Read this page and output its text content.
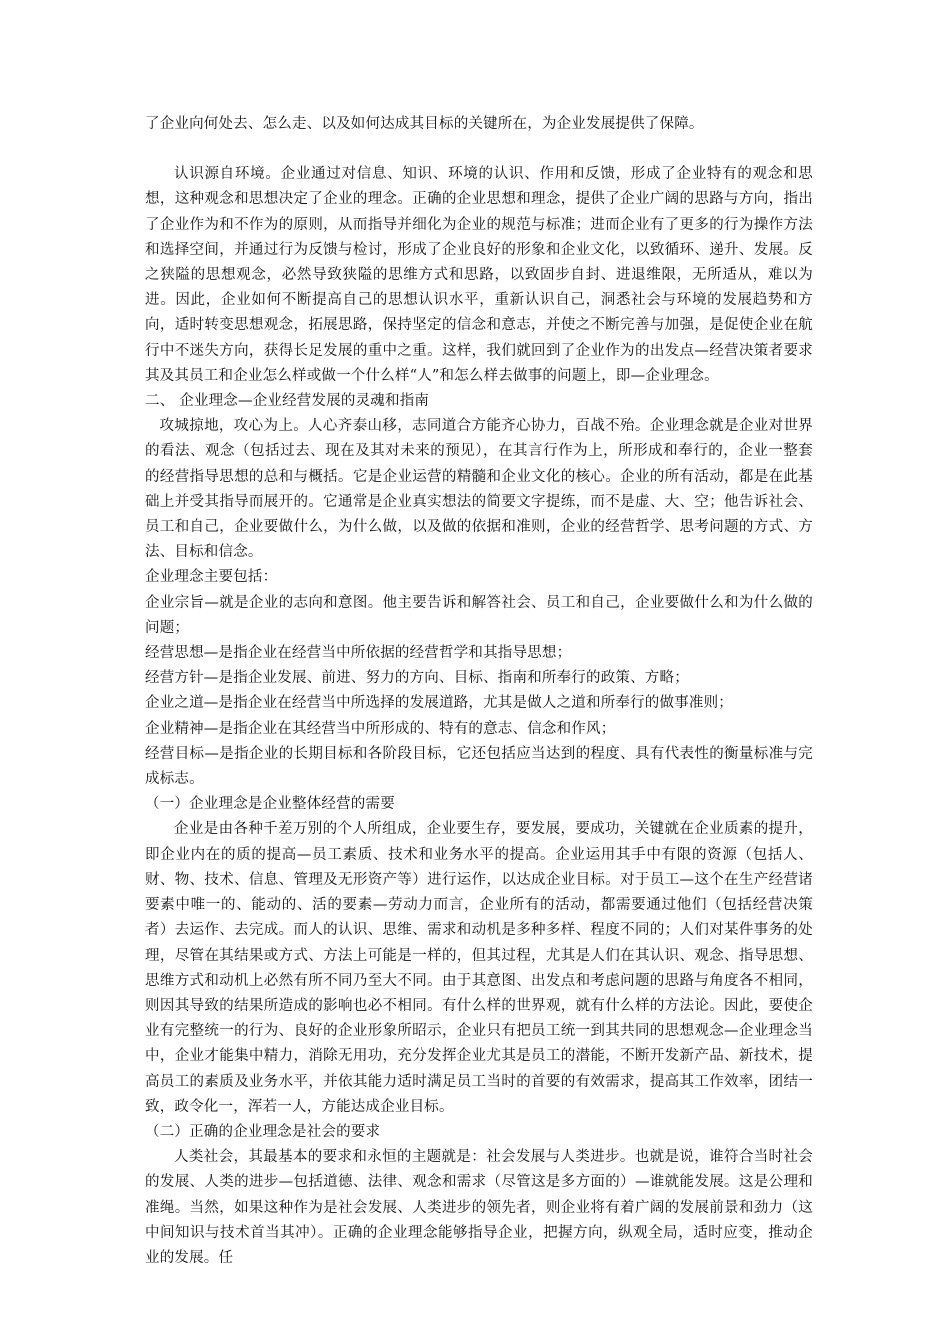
了企业向何处去、怎么走、以及如何达成其目标的关键所在，为企业发展提供了保障。

认识源自环境。企业通过对信息、知识、环境的认识、作用和反馈，形成了企业特有的观念和思想，这种观念和思想决定了企业的理念。正确的企业思想和理念，提供了企业广阔的思路与方向，指出了企业作为和不作为的原则，从而指导并细化为企业的规范与标准；进而企业有了更多的行为操作方法和选择空间，并通过行为反馈与检讨，形成了企业良好的形象和企业文化，以致循环、递升、发展。反之狭隘的思想观念，必然导致狭隘的思维方式和思路，以致固步自封、进退维限，无所适从，难以为进。因此，企业如何不断提高自己的思想认识水平，重新认识自己，洞悉社会与环境的发展趋势和方向，适时转变思想观念，拓展思路，保持坚定的信念和意志，并使之不断完善与加强，是促使企业在航行中不迷失方向，获得长足发展的重中之重。这样，我们就回到了企业作为的出发点—经营决策者要求其及其员工和企业怎么样或做一个什么样“人”和怎么样去做事的问题上，即—企业理念。

二、 企业理念—企业经营发展的灵魂和指南

攻城掠地，攻心为上。人心齐泰山移，志同道合方能齐心协力，百战不殆。企业理念就是企业对世界的看法、观念（包括过去、现在及其对未来的预见），在其言行作为上，所形成和奉行的，企业一整套的经营指导思想的总和与概括。它是企业运营的精髓和企业文化的核心。企业的所有活动，都是在此基础上并受其指导而展开的。它通常是企业真实想法的简要文字提练，而不是虚、大、空；他告诉社会、员工和自己，企业要做什么，为什么做，以及做的依据和准则，企业的经营哲学、思考问题的方式、方法、目标和信念。

企业理念主要包括：

企业宗旨—就是企业的志向和意图。他主要告诉和解答社会、员工和自己，企业要做什么和为什么做的问题；

经营思想—是指企业在经营当中所依据的经营哲学和其指导思想；

经营方针—是指企业发展、前进、努力的方向、目标、指南和所奉行的政策、方略；

企业之道—是指企业在经营当中所选择的发展道路，尤其是做人之道和所奉行的做事准则；

企业精神—是指企业在其经营当中所形成的、特有的意志、信念和作风；

经营目标—是指企业的长期目标和各阶段目标，它还包括应当达到的程度、具有代表性的衡量标准与完成标志。

（一）企业理念是企业整体经营的需要

企业是由各种千差万别的个人所组成，企业要生存，要发展，要成功，关键就在企业质素的提升，即企业内在的质的提高—员工素质、技术和业务水平的提高。企业运用其手中有限的资源（包括人、财、物、技术、信息、管理及无形资产等）进行运作，以达成企业目标。对于员工—这个在生产经营诸要素中唯一的、能动的、活的要素—劳动力而言，企业所有的活动，都需要通过他们（包括经营决策者）去运作、去完成。而人的认识、思维、需求和动机是多种多样、程度不同的；人们对某件事务的处理，尽管在其结果或方式、方法上可能是一样的，但其过程，尤其是人们在其认识、观念、指导思想、思维方式和动机上必然有所不同乃至大不同。由于其意图、出发点和考虑问题的思路与角度各不相同，则因其导致的结果所造成的影响也必不相同。有什么样的世界观，就有什么样的方法论。因此，要使企业有完整统一的行为、良好的企业形象所昭示，企业只有把员工统一到其共同的思想观念—企业理念当中，企业才能集中精力，消除无用功，充分发挥企业尤其是员工的潜能，不断开发新产品、新技术，提高员工的素质及业务水平，并依其能力适时满足员工当时的首要的有效需求，提高其工作效率，团结一致，政令化一，浑若一人，方能达成企业目标。

（二）正确的企业理念是社会的要求

人类社会，其最基本的要求和永恒的主题就是：社会发展与人类进步。也就是说，谁符合当时社会的发展、人类的进步—包括道德、法律、观念和需求（尽管这是多方面的）—谁就能发展。这是公理和准绳。当然，如果这种作为是社会发展、人类进步的领先者，则企业将有着广阔的发展前景和劲力（这中间知识与技术首当其冲）。正确的企业理念能够指导企业，把握方向，纵观全局，适时应变，推动企业的发展。任
